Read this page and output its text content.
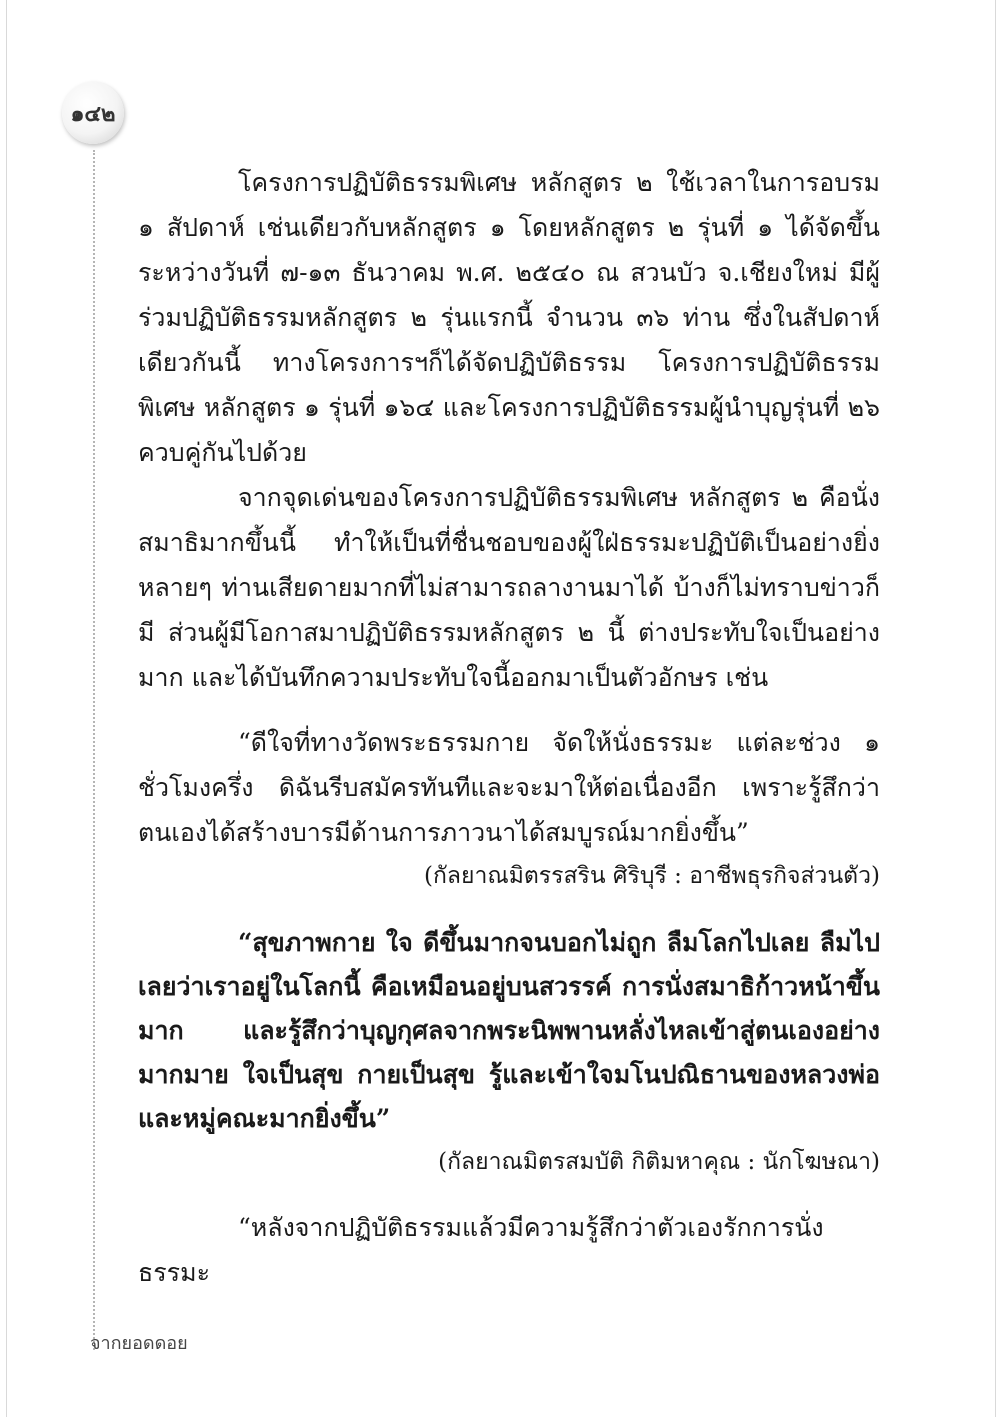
๑๔๒

โครงการปฏิบัติธรรมพิเศษ หลักสูตร ๒ ใช้เวลาในการอบรม ๑ สัปดาห์ เช่นเดียวกับหลักสูตร ๑ โดยหลักสูตร ๒ รุ่นที่ ๑ ได้จัดขึ้นระหว่างวันที่ ๗-๑๓ ธันวาคม พ.ศ. ๒๕๔๐ ณ สวนบัว จ.เชียงใหม่ มีผู้ร่วมปฏิบัติธรรมหลักสูตร ๒ รุ่นแรกนี้ จำนวน ๓๖ ท่าน ซึ่งในสัปดาห์เดียวกันนี้ ทางโครงการฯก็ได้จัดปฏิบัติธรรม โครงการปฏิบัติธรรมพิเศษ หลักสูตร ๑ รุ่นที่ ๑๖๔ และโครงการปฏิบัติธรรมผู้นำบุญรุ่นที่ ๒๖ ควบคู่กันไปด้วย

จากจุดเด่นของโครงการปฏิบัติธรรมพิเศษ หลักสูตร ๒ คือนั่งสมาธิมากขึ้นนี้ ทำให้เป็นที่ชื่นชอบของผู้ใฝ่ธรรมะปฏิบัติเป็นอย่างยิ่ง หลายๆ ท่านเสียดายมากที่ไม่สามารถลางานมาได้ บ้างก็ไม่ทราบข่าวก็มี ส่วนผู้มีโอกาสมาปฏิบัติธรรมหลักสูตร ๒ นี้ ต่างประทับใจเป็นอย่างมาก และได้บันทึกความประทับใจนี้ออกมาเป็นตัวอักษร เช่น

“ดีใจที่ทางวัดพระธรรมกาย จัดให้นั่งธรรมะ แต่ละช่วง ๑ ชั่วโมงครึ่ง ดิฉันรีบสมัครทันทีและจะมาให้ต่อเนื่องอีก เพราะรู้สึกว่าตนเองได้สร้างบารมีด้านการภาวนาได้สมบูรณ์มากยิ่งขึ้น”

(กัลยาณมิตรรสริน ศิริบุรี : อาชีพธุรกิจส่วนตัว)

“สุขภาพกาย ใจ ดีขึ้นมากจนบอกไม่ถูก ลืมโลกไปเลย ลืมไปเลยว่าเราอยู่ในโลกนี้ คือเหมือนอยู่บนสวรรค์ การนั่งสมาธิก้าวหน้าขึ้นมาก และรู้สึกว่าบุญกุศลจากพระนิพพานหลั่งไหลเข้าสู่ตนเองอย่างมากมาย ใจเป็นสุข กายเป็นสุข รู้และเข้าใจมโนปณิธานของหลวงพ่อและหมู่คณะมากยิ่งขึ้น”

(กัลยาณมิตรสมบัติ กิติมหาคุณ : นักโฆษณา)

“หลังจากปฏิบัติธรรมแล้วมีความรู้สึกว่าตัวเองรักการนั่งธรรมะ

จากยอดดอย
